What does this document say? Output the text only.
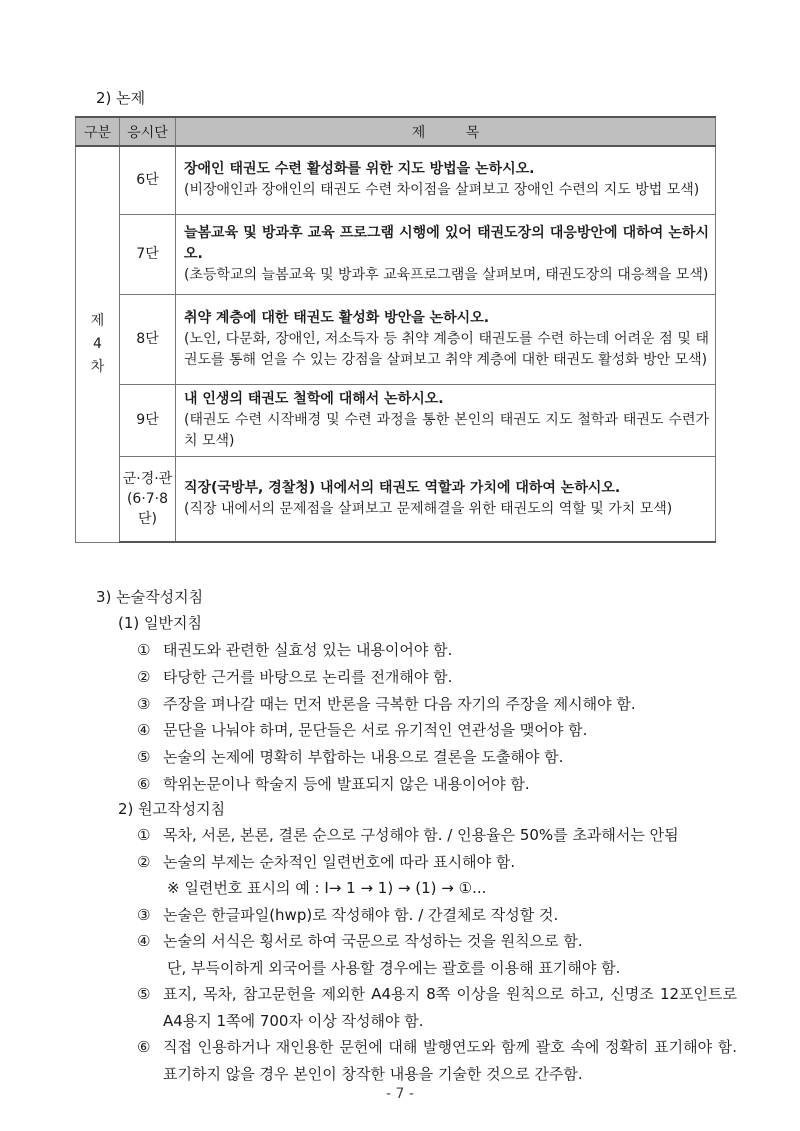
2) 논제
구분	응시단	제 목
제
4
차	6단	장애인 태권도 수련 활성화를 위한 지도 방법을 논하시오.
( 비장애인과 장애인의 태권도 수련 차이점을 살펴보고 장애인 수련의 지도 방법 모색 )

	7단	늘봄교육 및 방과후 교육 프로그램 시행에 있어 태권도장의 대응방안에 대하여 논하시오.
( 초등학교의 늘봄교육 및 방과후 교육프로그램을 살펴보며, 태권도장의 대응책을 모색 )

	8단	취약 계층에 대한 태권도 활성화 방안을 논하시오.
( 노인, 다문화, 장애인, 저소득자 등 취약 계층이 태권도를 수련 하는데 어려운 점 및 태권도를 통해 얻을 수 있는 강점을 살펴보고 취약 계층에 대한 태권도 활성화 방안 모색 )

	9단	내 인생의 태권도 철학에 대해서 논하시오.
( 태권도 수련 시작배경 및 수련 과정을 통한 본인의 태권도 지도 철학과 태권도 수련가치 모색 )

	군·경·관
(6·7·8
단)	직장(국방부, 경찰청) 내에서의 태권도 역할과 가치에 대하여 논하시오.
( 직장 내에서의 문제점을 살펴보고 문제해결을 위한 태권도의 역할 및 가치 모색 )
3) 논술작성지침
(1) 일반지침
① 태권도와 관련한 실효성 있는 내용이어야 함.
② 타당한 근거를 바탕으로 논리를 전개해야 함.
③ 주장을 펴나갈 때는 먼저 반론을 극복한 다음 자기의 주장을 제시해야 함.
④ 문단을 나눠야 하며, 문단들은 서로 유기적인 연관성을 맺어야 함.
⑤ 논술의 논제에 명확히 부합하는 내용으로 결론을 도출해야 함.
⑥ 학위논문이나 학술지 등에 발표되지 않은 내용이어야 함.
2) 원고작성지침
① 목차, 서론, 본론, 결론 순으로 구성해야 함. / 인용율은 50%를 초과해서는 안됨
② 논술의 부제는 순차적인 일련번호에 따라 표시해야 함.
※ 일련번호 표시의 예 : Ⅰ→ 1 → 1) → (1) → ①...
③ 논술은 한글파일(hwp)로 작성해야 함. / 간결체로 작성할 것.
④ 논술의 서식은 횡서로 하여 국문으로 작성하는 것을 원칙으로 함.
단, 부득이하게 외국어를 사용할 경우에는 괄호를 이용해 표기해야 함.
⑤ 표지, 목차, 참고문헌을 제외한 A4용지 8쪽 이상을 원칙으로 하고, 신명조 12포인트로 A4용지 1쪽에 700자 이상 작성해야 함.
⑥ 직접 인용하거나 재인용한 문헌에 대해 발행연도와 함께 괄호 속에 정확히 표기해야 함. 표기하지 않을 경우 본인이 창작한 내용을 기술한 것으로 간주함.
- 7 -
